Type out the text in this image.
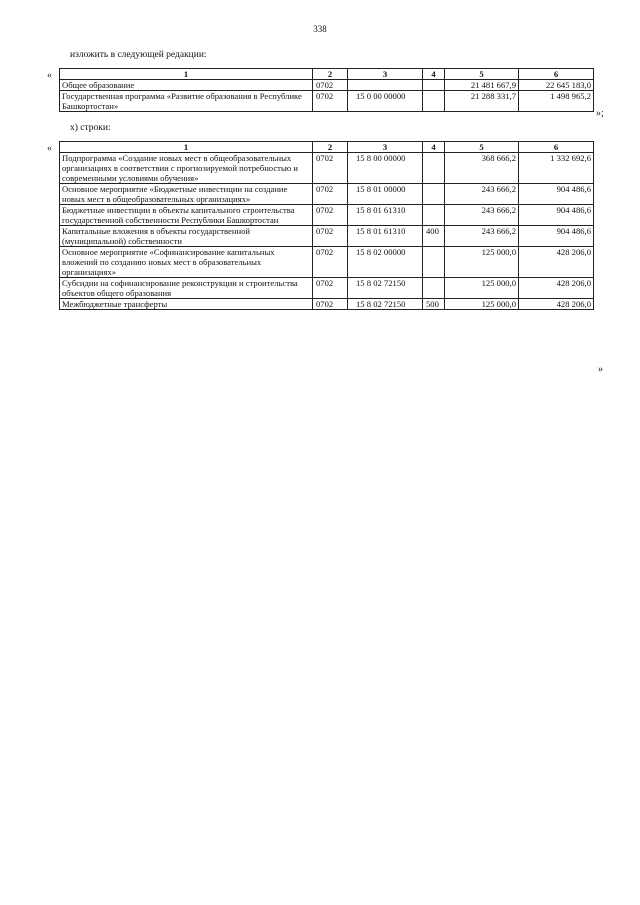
338
изложить в следующей редакции:
«	1	2	3	4	5	6
Общее образование	0702			21 481 667,9	22 645 183,0
Государственная программа «Развитие образования в Республике Башкортостан»	0702	15 0 00 00000		21 288 331,7	1 498 965,2
»;
х) строки:
«	1	2	3	4	5	6
Подпрограмма «Создание новых мест в общеобразовательных организациях в соответствии с прогнозируемой потребностью и современными условиями обучения»	0702	15 8 00 00000		368 666,2	1 332 692,6
Основное мероприятие «Бюджетные инвестиции на создание новых мест в общеобразовательных организациях»	0702	15 8 01 00000		243 666,2	904 486,6
Бюджетные инвестиции в объекты капитального строительства государственной собственности Республики Башкортостан	0702	15 8 01 61310		243 666,2	904 486,6
Капитальные вложения в объекты государственной (муниципальной) собственности	0702	15 8 01 61310	400	243 666,2	904 486,6
Основное мероприятие «Софинансирование капитальных вложений по созданию новых мест в образовательных организациях»	0702	15 8 02 00000		125 000,0	428 206,0
Субсидии на софинансирование реконструкции и строительства объектов общего образования	0702	15 8 02 72150		125 000,0	428 206,0
Межбюджетные трансферты	0702	15 8 02 72150	500	125 000,0	428 206,0
»
